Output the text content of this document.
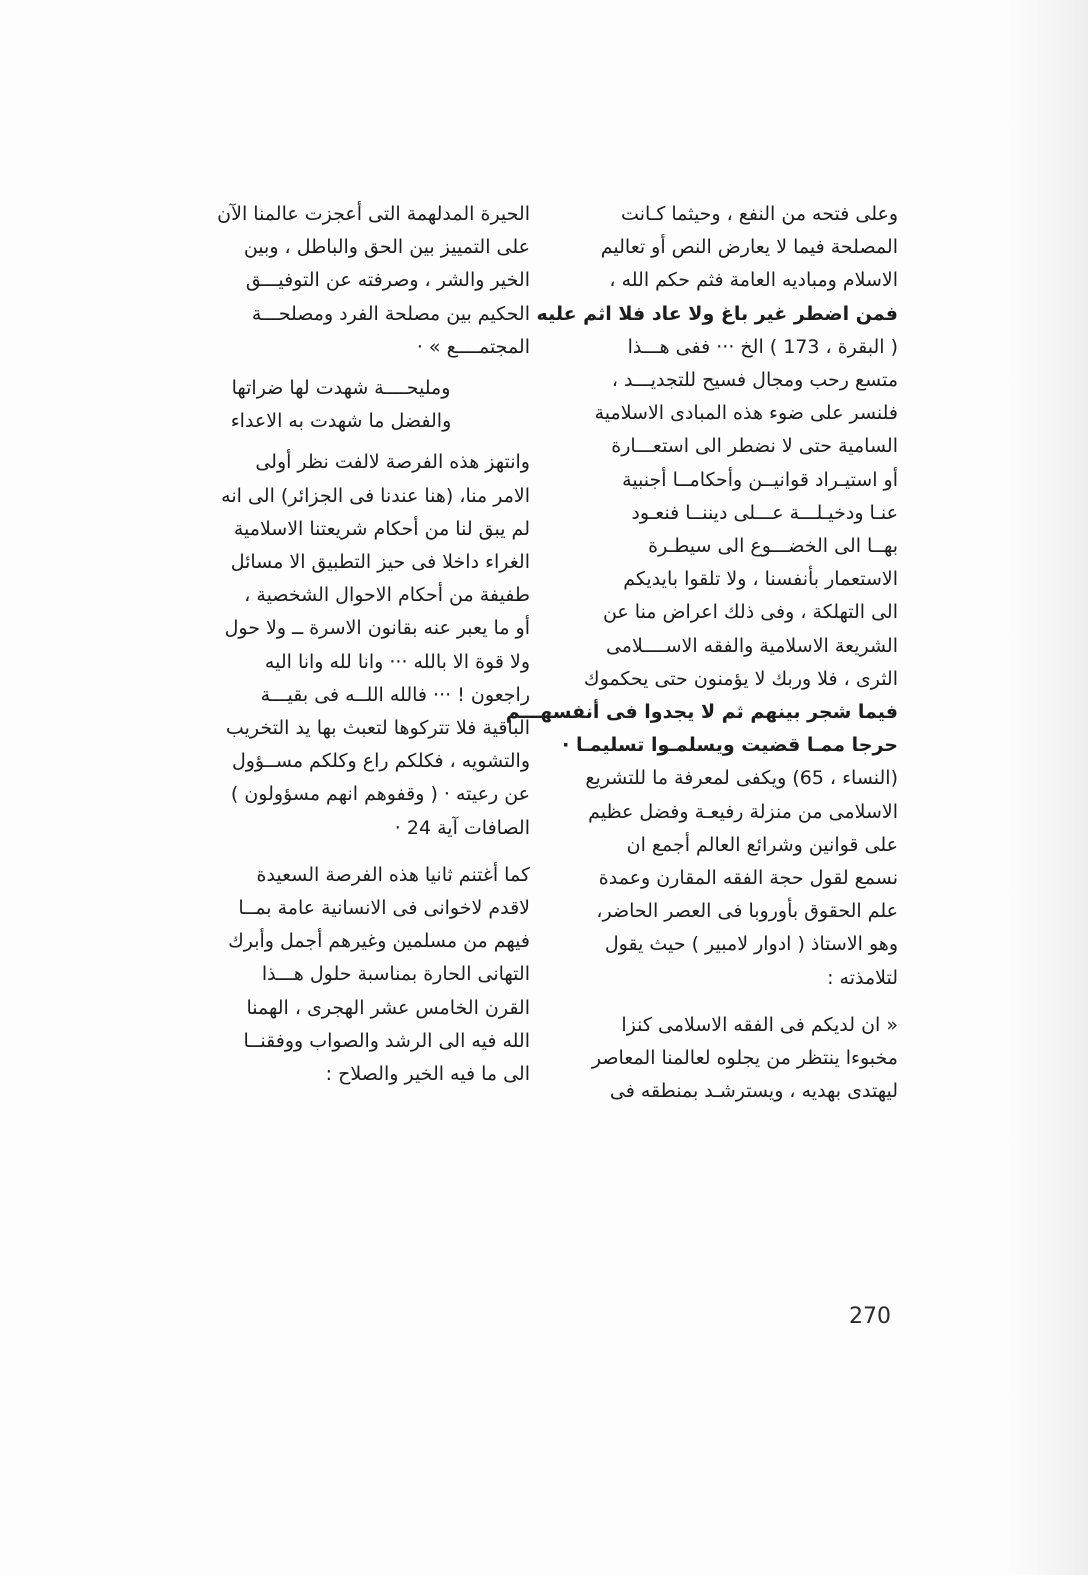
وعلى فتحه من النفع ، وحيثما كـانت
المصلحة فيما لا يعارض النص أو تعاليم
الاسلام ومباديه العامة فثم حكم الله ،
فمن اضطر غير باغ ولا عاد فلا اثم عليه
( البقرة ، 173 ) الخ ··· ففى هـــذا
متسع رحب ومجال فسيح للتجديـــد ،
فلنسر على ضوء هذه المبادى الاسلامية
السامية حتى لا نضطر الى استعـــارة
أو استيـراد قوانيــن وأحكامــا أجنبية
عنـا ودخيـلـــة عـــلى ديننــا فنعـود
بهــا الى الخضـــوع الى سيطـرة
الاستعمار بأنفسنا ، ولا تلقوا بايديكم
الى التهلكة ، وفى ذلك اعراض منا عن
الشريعة الاسلامية والفقه الاســــلامى
الثرى ، فلا وربك لا يؤمنون حتى يحكموك
فيما شجر بينهم ثم لا يجدوا فى أنفسهـــم
حرجا ممـا قضيت ويسلمـوا تسليمـا ·
(النساء ، 65) ويكفى لمعرفة ما للتشريع
الاسلامى من منزلة رفيعـة وفضل عظيم
على قوانين وشرائع العالم أجمع ان
نسمع لقول حجة الفقه المقارن وعمدة
علم الحقوق بأوروبا فى العصر الحاضر،
وهو الاستاذ ( ادوار لامبير ) حيث يقول
لتلامذته :
« ان لديكم فى الفقه الاسلامى كنزا
مخبوءا ينتظر من يجلوه لعالمنا المعاصر
ليهتدى بهديه ، ويسترشـد بمنطقه فى
الحيرة المدلهمة التى أعجزت عالمنا الآن
على التمييز بين الحق والباطل ، وبين
الخير والشر ، وصرفته عن التوفيـــق
الحكيم بين مصلحة الفرد ومصلحـــة
المجتمــــع » ·
ومليحــــة شهدت لها ضراتها
والفضل ما شهدت به الاعداء
وانتهز هذه الفرصة لالفت نظر أولى
الامر منا، (هنا عندنا فى الجزائر) الى انه
لم يبق لنا من أحكام شريعتنا الاسلامية
الغراء داخلا فى حيز التطبيق الا مسائل
طفيفة من أحكام الاحوال الشخصية ،
أو ما يعبر عنه بقانون الاسرة ــ ولا حول
ولا قوة الا بالله ··· وانا لله وانا اليه
راجعون ! ··· فالله اللــه فى بقيـــة
الباقية فلا تتركوها لتعبث بها يد التخريب
والتشويه ، فكلكم راع وكلكم مســؤول
عن رعيته · ( وقفوهم انهم مسؤولون )
الصافات آية 24 ·
كما أغتنم ثانيا هذه الفرصة السعيدة
لاقدم لاخوانى فى الانسانية عامة بمــا
فيهم من مسلمين وغيرهم أجمل وأبرك
التهانى الحارة بمناسبة حلول هـــذا
القرن الخامس عشر الهجرى ، الهمنا
الله فيه الى الرشد والصواب ووفقنــا
الى ما فيه الخير والصلاح :
270
